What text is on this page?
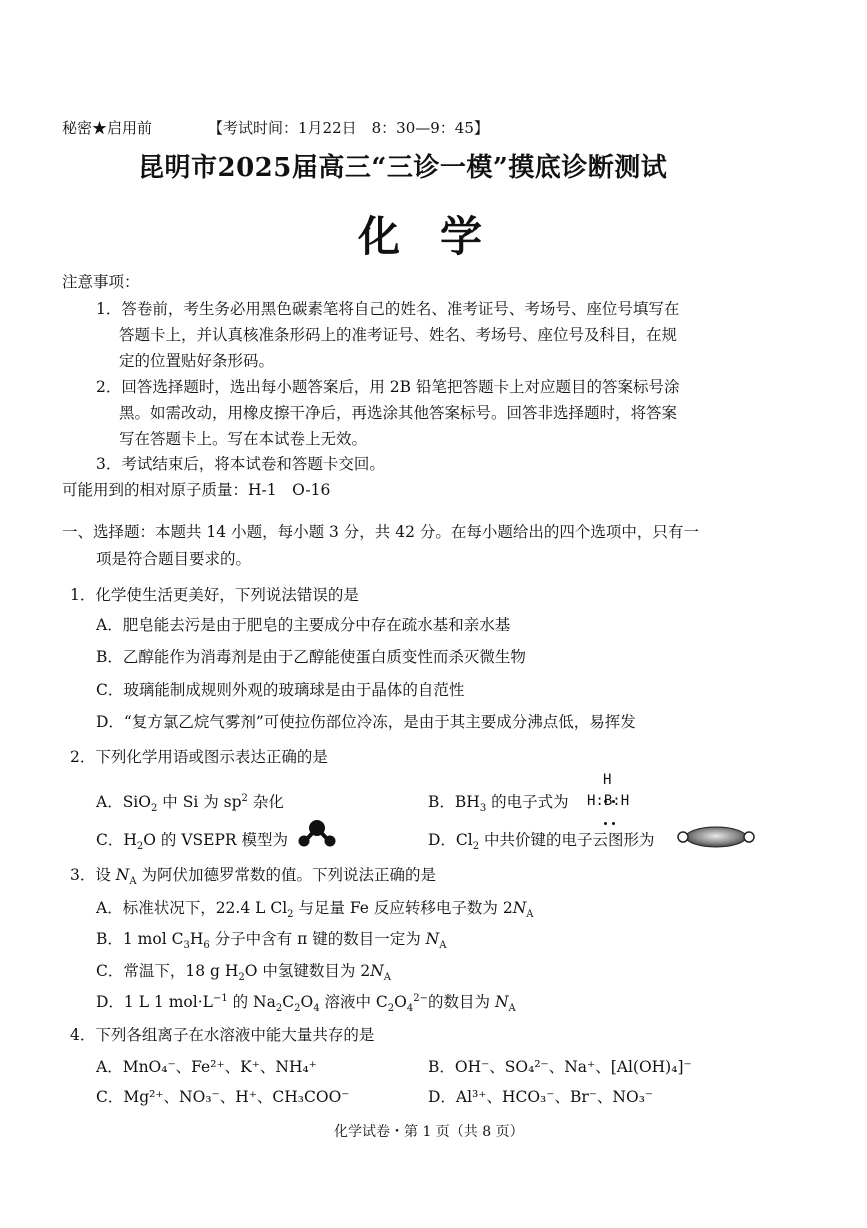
秘密★启用前	【考试时间：1月22日　8：30—9：45】
昆明市2025届高三“三诊一模”摸底诊断测试
化学
注意事项：
1．答卷前，考生务必用黑色碳素笔将自己的姓名、准考证号、考场号、座位号填写在
答题卡上，并认真核准条形码上的准考证号、姓名、考场号、座位号及科目，在规
定的位置贴好条形码。
2．回答选择题时，选出每小题答案后，用 2B 铅笔把答题卡上对应题目的答案标号涂
黑。如需改动，用橡皮擦干净后，再选涂其他答案标号。回答非选择题时，将答案
写在答题卡上。写在本试卷上无效。
3．考试结束后，将本试卷和答题卡交回。
可能用到的相对原子质量：H-1　O-16
一、选择题：本题共 14 小题，每小题 3 分，共 42 分。在每小题给出的四个选项中，只有一
项是符合题目要求的。
1．化学使生活更美好，下列说法错误的是
A．肥皂能去污是由于肥皂的主要成分中存在疏水基和亲水基
B．乙醇能作为消毒剂是由于乙醇能使蛋白质变性而杀灭微生物
C．玻璃能制成规则外观的玻璃球是由于晶体的自范性
D．“复方氯乙烷气雾剂”可使拉伤部位冷冻，是由于其主要成分沸点低，易挥发
2．下列化学用语或图示表达正确的是
A．SiO$_2$ 中 Si 为 $sp^2$ 杂化	B．$BH_3$ 的电子式为
H

H:B:H

C．$H_2O$ 的 VSEPR 模型为	D．$Cl_2$ 中共价键的电子云图形为
3．设 $N_A$ 为阿伏加德罗常数的值。下列说法正确的是
A．标准状况下，22.4 L $Cl_2$ 与足量 Fe 反应转移电子数为 $2N_A$
B．1 mol $C_3H_6$ 分子中含有 π 键的数目一定为 $N_A$
C．常温下，18 g $H_2O$ 中氢键数目为 $2N_A$
D．1 L 1 $mol\cdot L^{-1}$ 的 $Na_2C_2O_4$ 溶液中 $C_2O_4^{2-}$的数目为 $N_A$
4．下列各组离子在水溶液中能大量共存的是
A．MnO₄⁻、Fe²⁺、K⁺、NH₄⁺	B．OH⁻、SO₄²⁻、Na⁺、[Al(OH)₄]⁻
C．Mg²⁺、NO₃⁻、H⁺、CH₃COO⁻	D．Al³⁺、HCO₃⁻、Br⁻、NO₃⁻
化学试卷・第 1 页（共 8 页）
